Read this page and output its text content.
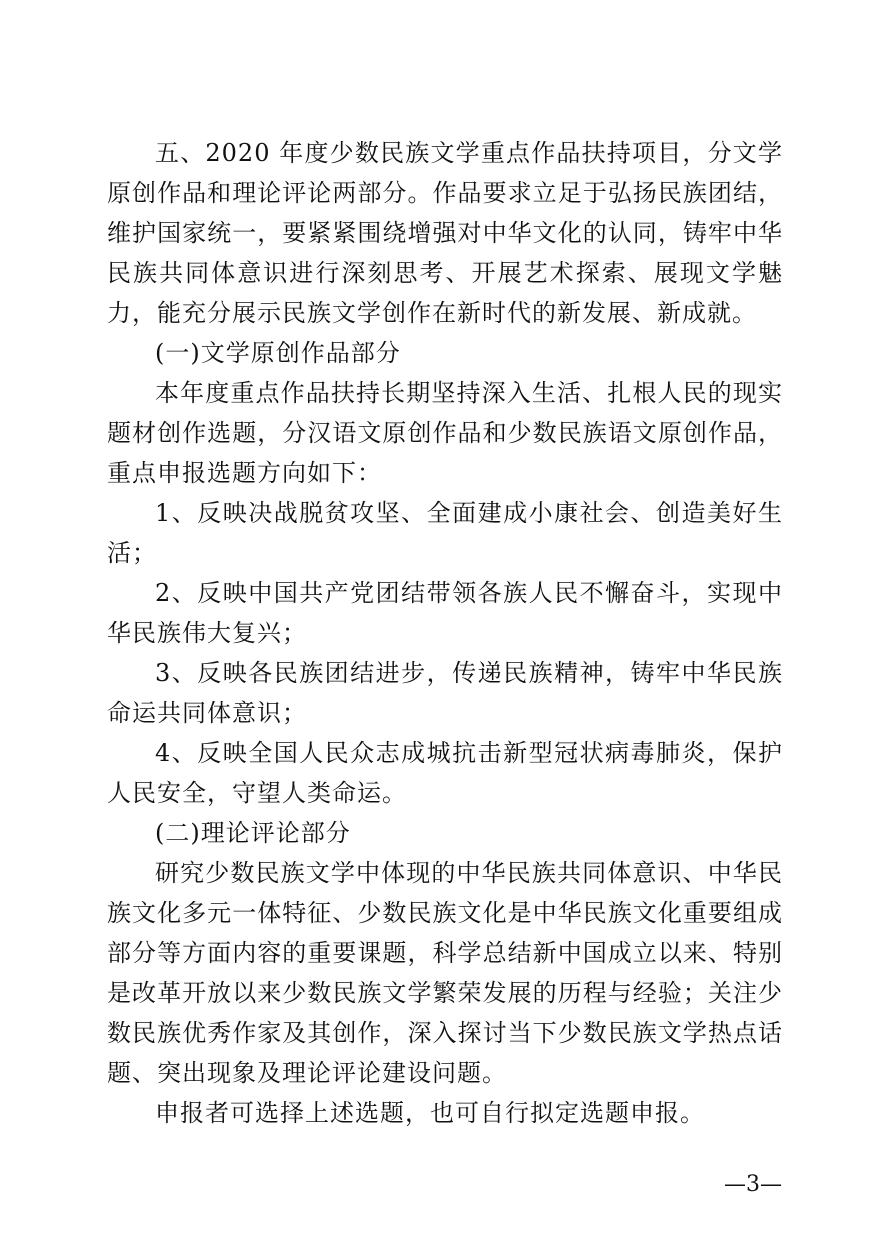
五、2020 年度少数民族文学重点作品扶持项目，分文学原创作品和理论评论两部分。作品要求立足于弘扬民族团结，维护国家统一，要紧紧围绕增强对中华文化的认同，铸牢中华民族共同体意识进行深刻思考、开展艺术探索、展现文学魅力，能充分展示民族文学创作在新时代的新发展、新成就。

(一)文学原创作品部分

本年度重点作品扶持长期坚持深入生活、扎根人民的现实题材创作选题，分汉语文原创作品和少数民族语文原创作品，重点申报选题方向如下：

1、反映决战脱贫攻坚、全面建成小康社会、创造美好生活；

2、反映中国共产党团结带领各族人民不懈奋斗，实现中华民族伟大复兴；

3、反映各民族团结进步，传递民族精神，铸牢中华民族命运共同体意识；

4、反映全国人民众志成城抗击新型冠状病毒肺炎，保护人民安全，守望人类命运。

(二)理论评论部分

研究少数民族文学中体现的中华民族共同体意识、中华民族文化多元一体特征、少数民族文化是中华民族文化重要组成部分等方面内容的重要课题，科学总结新中国成立以来、特别是改革开放以来少数民族文学繁荣发展的历程与经验；关注少数民族优秀作家及其创作，深入探讨当下少数民族文学热点话题、突出现象及理论评论建设问题。

申报者可选择上述选题，也可自行拟定选题申报。

—3—
